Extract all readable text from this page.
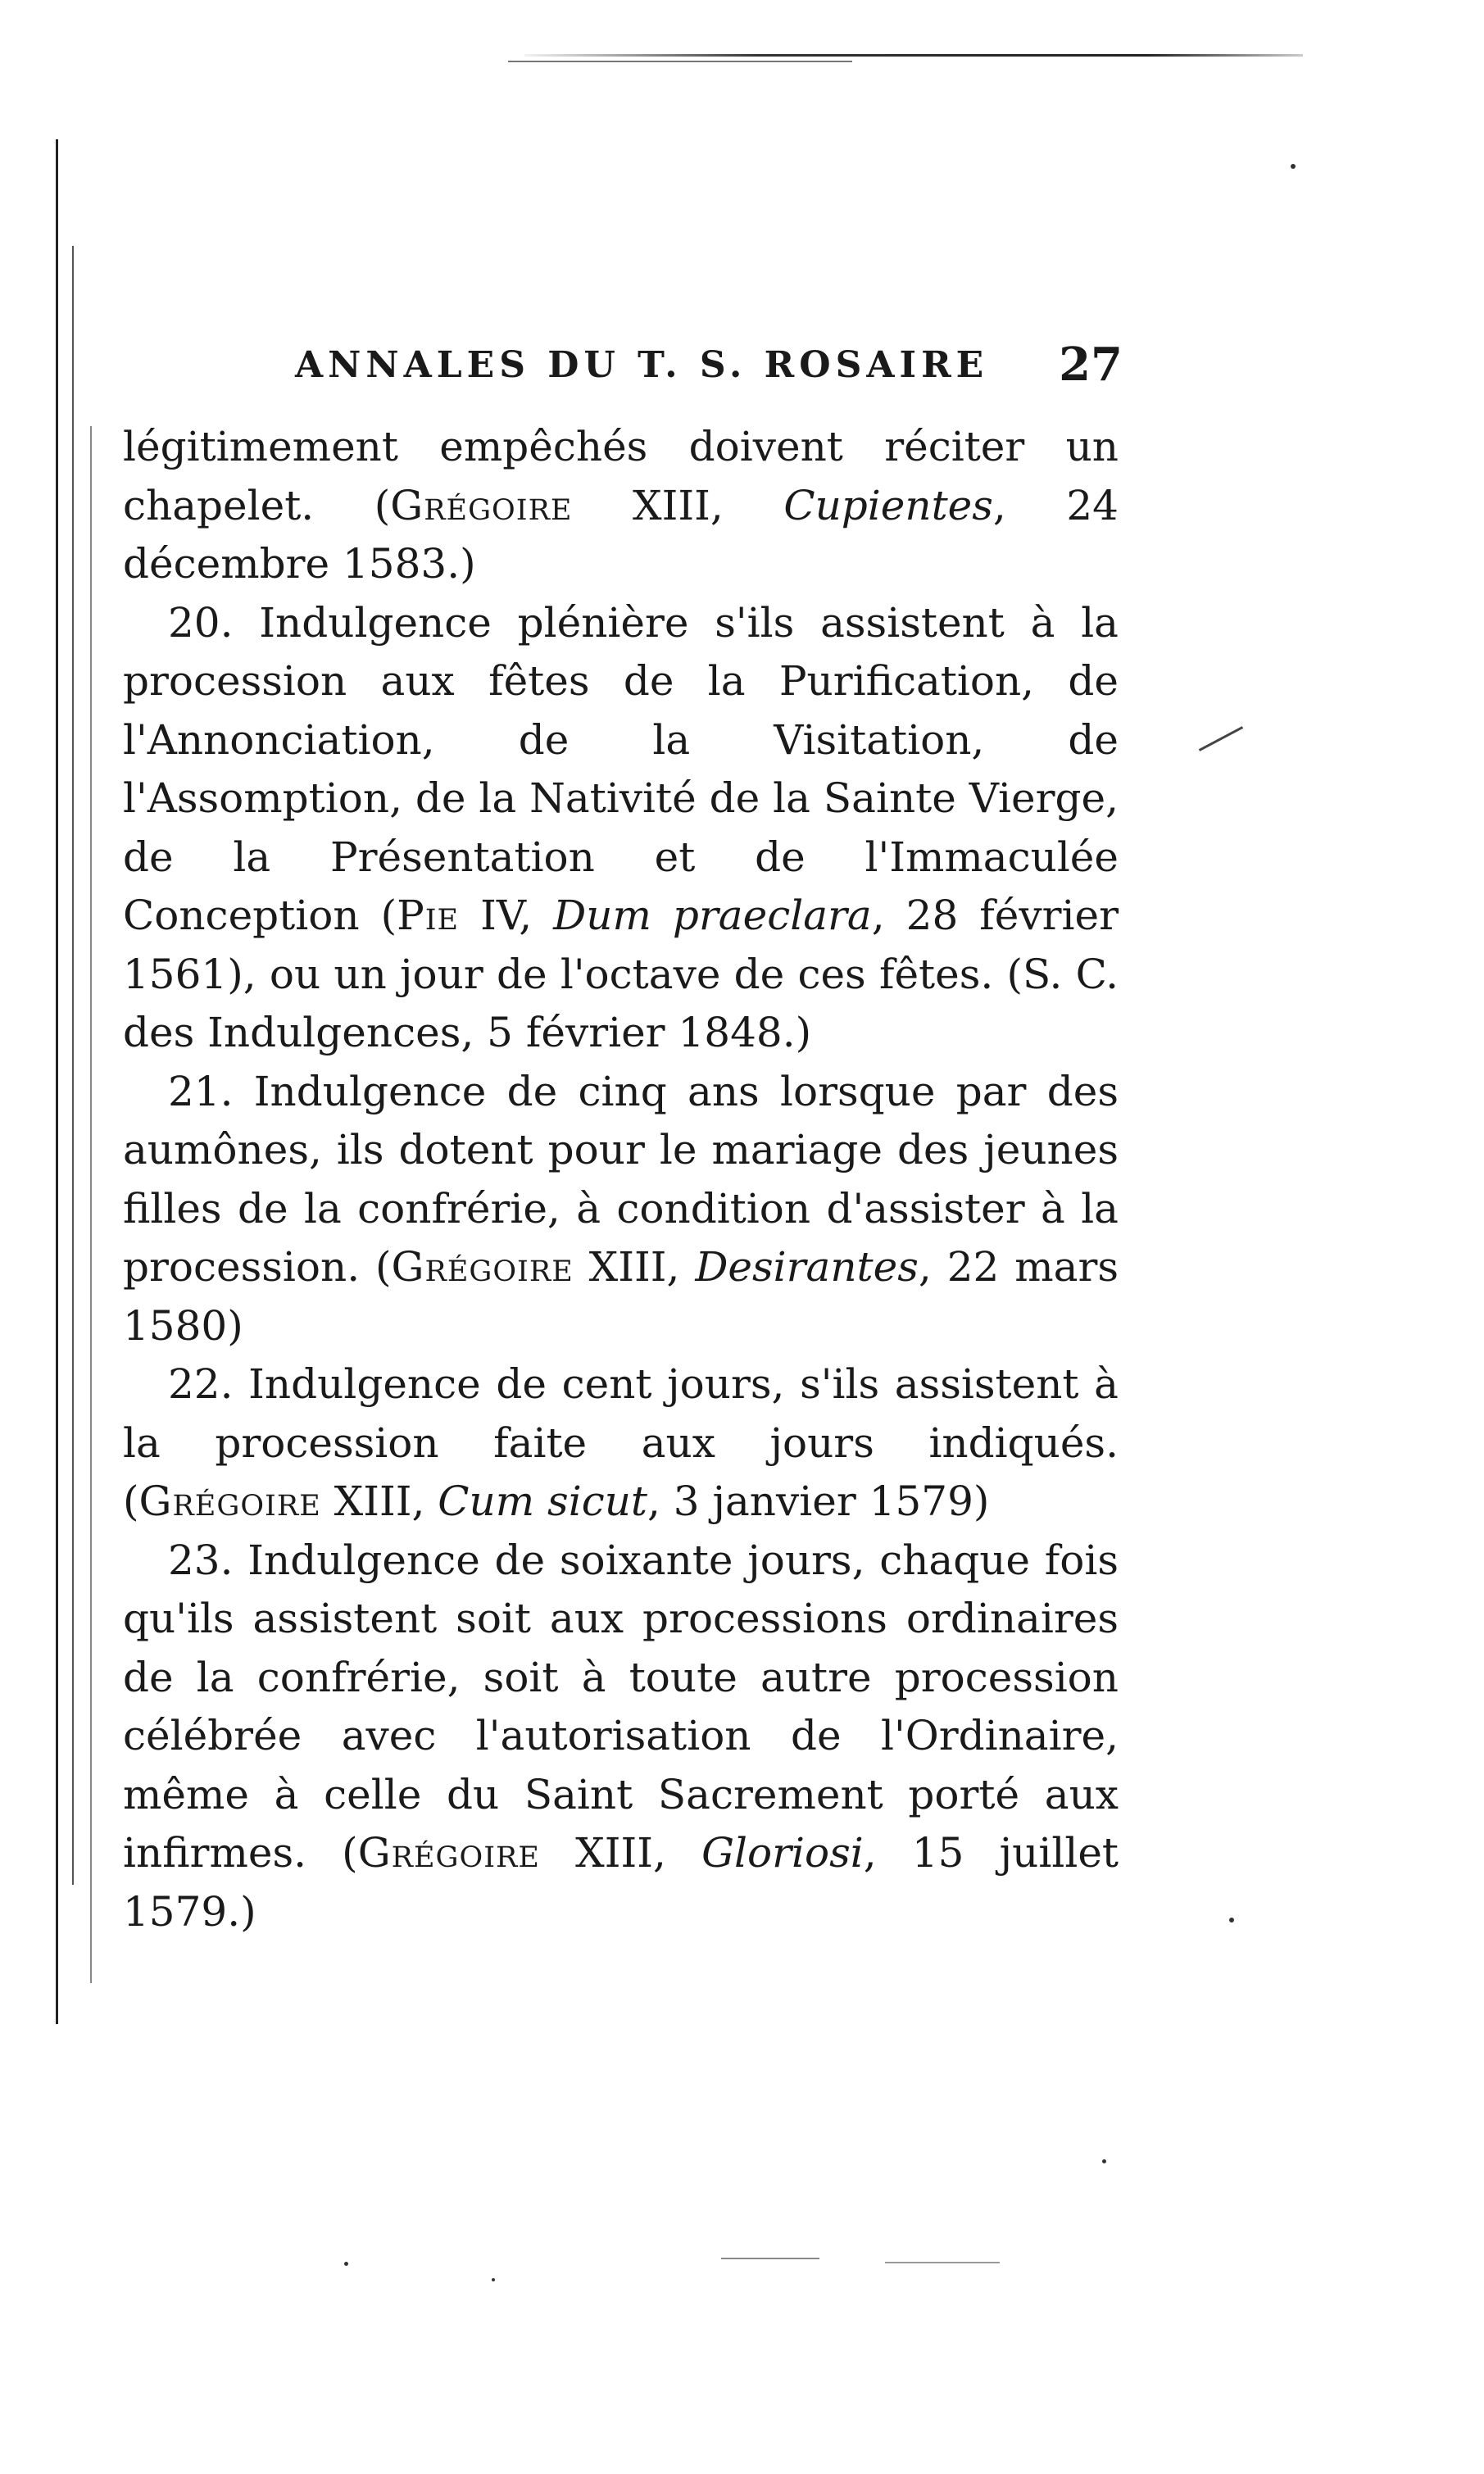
ANNALES DU T. S. ROSAIRE 27

légitimement empêchés doivent réciter un chapelet. (Grégoire XIII, Cupientes, 24 décembre 1583.)

20. Indulgence plénière s'ils assistent à la procession aux fêtes de la Purification, de l'Annonciation, de la Visitation, de l'Assomption, de la Nativité de la Sainte Vierge, de la Présentation et de l'Immaculée Conception (Pie IV, Dum praeclara, 28 février 1561), ou un jour de l'octave de ces fêtes. (S. C. des Indulgences, 5 février 1848.)

21. Indulgence de cinq ans lorsque par des aumônes, ils dotent pour le mariage des jeunes filles de la confrérie, à condition d'assister à la procession. (Grégoire XIII, Desirantes, 22 mars 1580)

22. Indulgence de cent jours, s'ils assistent à la procession faite aux jours indiqués. (Grégoire XIII, Cum sicut, 3 janvier 1579)

23. Indulgence de soixante jours, chaque fois qu'ils assistent soit aux processions ordinaires de la confrérie, soit à toute autre procession célébrée avec l'autorisation de l'Ordinaire, même à celle du Saint Sacrement porté aux infirmes. (Grégoire XIII, Gloriosi, 15 juillet 1579.)
